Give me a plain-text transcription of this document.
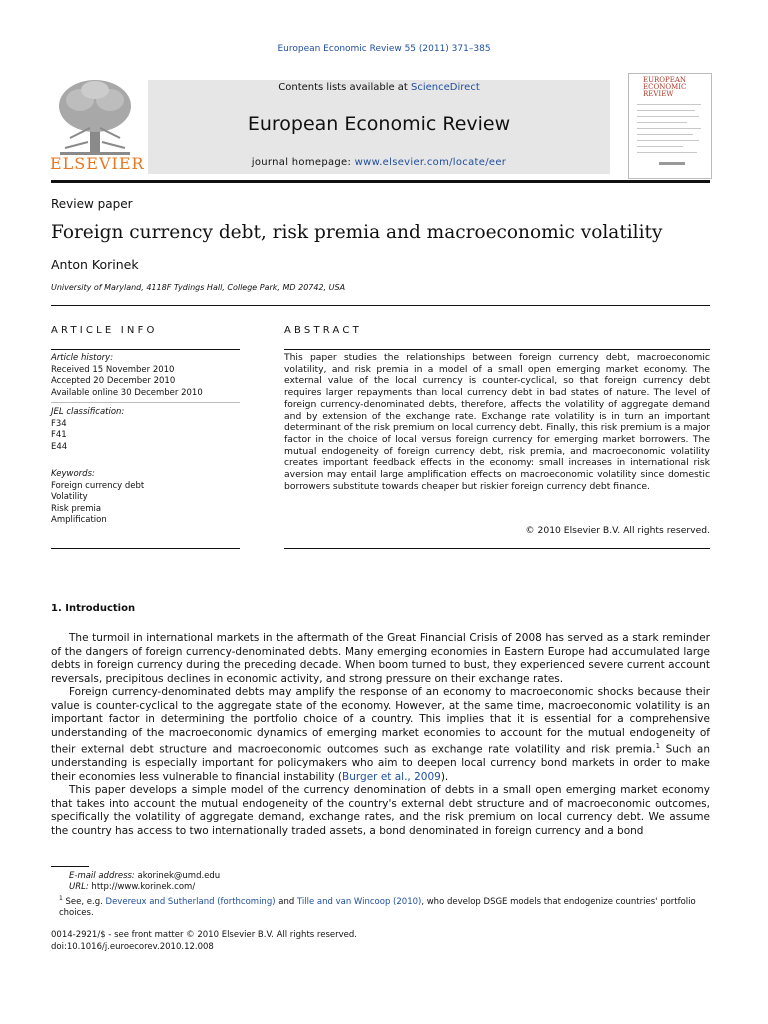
European Economic Review 55 (2011) 371–385
ELSEVIER
Contents lists available at ScienceDirect
European Economic Review
journal homepage: www.elsevier.com/locate/eer
EUROPEAN
ECONOMIC
REVIEW
Review paper
Foreign currency debt, risk premia and macroeconomic volatility
Anton Korinek
University of Maryland, 4118F Tydings Hall, College Park, MD 20742, USA
ARTICLE INFO	ABSTRACT
Article history:
Received 15 November 2010
Accepted 20 December 2010
Available online 30 December 2010
JEL classification:
F34
F41
E44
Keywords:
Foreign currency debt
Volatility
Risk premia
Amplification
This paper studies the relationships between foreign currency debt, macroeconomic volatility, and risk premia in a model of a small open emerging market economy. The external value of the local currency is counter-cyclical, so that foreign currency debt requires larger repayments than local currency debt in bad states of nature. The level of foreign currency-denominated debts, therefore, affects the volatility of aggregate demand and by extension of the exchange rate. Exchange rate volatility is in turn an important determinant of the risk premium on local currency debt. Finally, this risk premium is a major factor in the choice of local versus foreign currency for emerging market borrowers. The mutual endogeneity of foreign currency debt, risk premia, and macroeconomic volatility creates important feedback effects in the economy: small increases in international risk aversion may entail large amplification effects on macroeconomic volatility since domestic borrowers substitute towards cheaper but riskier foreign currency debt finance.
© 2010 Elsevier B.V. All rights reserved.
1. Introduction

The turmoil in international markets in the aftermath of the Great Financial Crisis of 2008 has served as a stark reminder of the dangers of foreign currency-denominated debts. Many emerging economies in Eastern Europe had accumulated large debts in foreign currency during the preceding decade. When boom turned to bust, they experienced severe current account reversals, precipitous declines in economic activity, and strong pressure on their exchange rates.

Foreign currency-denominated debts may amplify the response of an economy to macroeconomic shocks because their value is counter-cyclical to the aggregate state of the economy. However, at the same time, macroeconomic volatility is an important factor in determining the portfolio choice of a country. This implies that it is essential for a comprehensive understanding of the macroeconomic dynamics of emerging market economies to account for the mutual endogeneity of their external debt structure and macroeconomic outcomes such as exchange rate volatility and risk premia.$^1$ Such an understanding is especially important for policymakers who aim to deepen local currency bond markets in order to make their economies less vulnerable to financial instability (Burger et al., 2009).

This paper develops a simple model of the currency denomination of debts in a small open emerging market economy that takes into account the mutual endogeneity of the country's external debt structure and of macroeconomic outcomes, specifically the volatility of aggregate demand, exchange rates, and the risk premium on local currency debt. We assume the country has access to two internationally traded assets, a bond denominated in foreign currency and a bond

E-mail address: akorinek@umd.edu
URL: http://www.korinek.com/
$^1$ See, e.g. Devereux and Sutherland (forthcoming) and Tille and van Wincoop (2010), who develop DSGE models that endogenize countries' portfolio choices.
0014-2921/$ - see front matter © 2010 Elsevier B.V. All rights reserved.
doi:10.1016/j.euroecorev.2010.12.008
